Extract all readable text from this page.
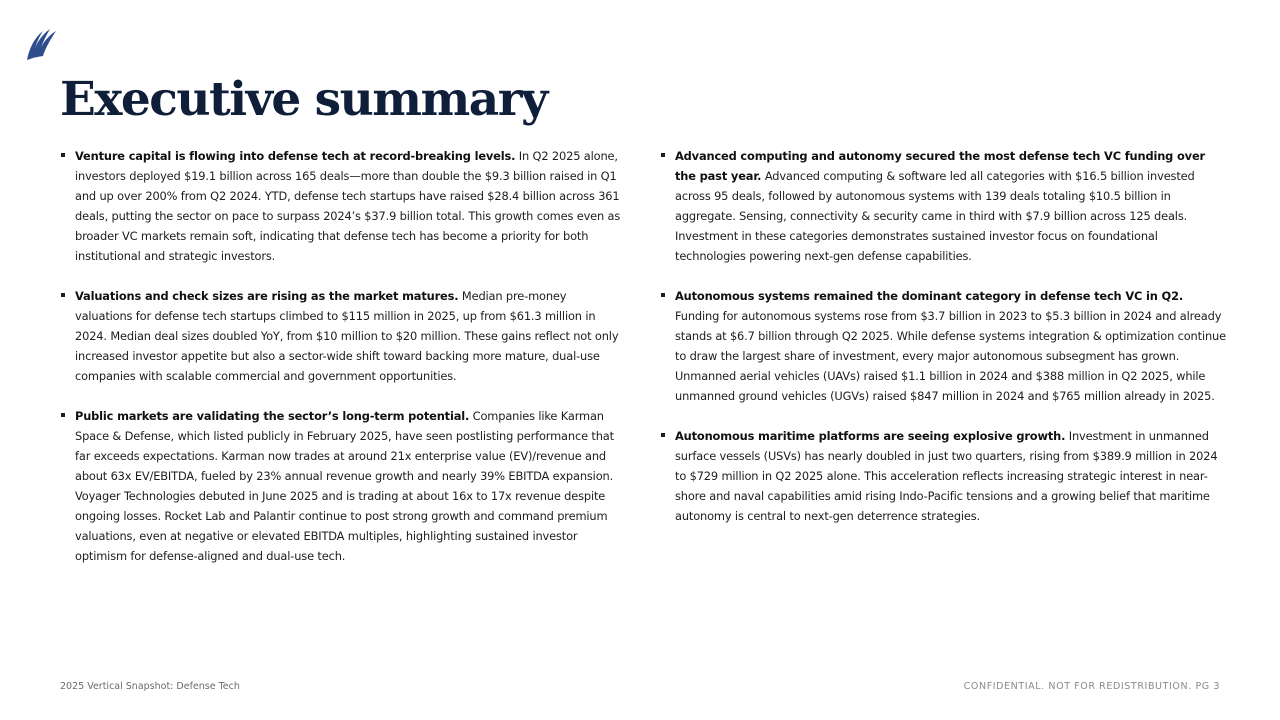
Executive summary
Venture capital is flowing into defense tech at record-breaking levels. In Q2 2025 alone, investors deployed $19.1 billion across 165 deals—more than double the $9.3 billion raised in Q1 and up over 200% from Q2 2024. YTD, defense tech startups have raised $28.4 billion across 361 deals, putting the sector on pace to surpass 2024’s $37.9 billion total. This growth comes even as broader VC markets remain soft, indicating that defense tech has become a priority for both institutional and strategic investors.
Valuations and check sizes are rising as the market matures. Median pre-money valuations for defense tech startups climbed to $115 million in 2025, up from $61.3 million in 2024. Median deal sizes doubled YoY, from $10 million to $20 million. These gains reflect not only increased investor appetite but also a sector-wide shift toward backing more mature, dual-use companies with scalable commercial and government opportunities.
Public markets are validating the sector’s long-term potential. Companies like Karman Space & Defense, which listed publicly in February 2025, have seen postlisting performance that far exceeds expectations. Karman now trades at around 21x enterprise value (EV)/revenue and about 63x EV/EBITDA, fueled by 23% annual revenue growth and nearly 39% EBITDA expansion. Voyager Technologies debuted in June 2025 and is trading at about 16x to 17x revenue despite ongoing losses. Rocket Lab and Palantir continue to post strong growth and command premium valuations, even at negative or elevated EBITDA multiples, highlighting sustained investor optimism for defense-aligned and dual-use tech.
Advanced computing and autonomy secured the most defense tech VC funding over the past year. Advanced computing & software led all categories with $16.5 billion invested across 95 deals, followed by autonomous systems with 139 deals totaling $10.5 billion in aggregate. Sensing, connectivity & security came in third with $7.9 billion across 125 deals. Investment in these categories demonstrates sustained investor focus on foundational technologies powering next-gen defense capabilities.
Autonomous systems remained the dominant category in defense tech VC in Q2. Funding for autonomous systems rose from $3.7 billion in 2023 to $5.3 billion in 2024 and already stands at $6.7 billion through Q2 2025. While defense systems integration & optimization continue to draw the largest share of investment, every major autonomous subsegment has grown. Unmanned aerial vehicles (UAVs) raised $1.1 billion in 2024 and $388 million in Q2 2025, while unmanned ground vehicles (UGVs) raised $847 million in 2024 and $765 million already in 2025.
Autonomous maritime platforms are seeing explosive growth. Investment in unmanned surface vessels (USVs) has nearly doubled in just two quarters, rising from $389.9 million in 2024 to $729 million in Q2 2025 alone. This acceleration reflects increasing strategic interest in near-shore and naval capabilities amid rising Indo-Pacific tensions and a growing belief that maritime autonomy is central to next-gen deterrence strategies.
2025 Vertical Snapshot: Defense Tech	CONFIDENTIAL. NOT FOR REDISTRIBUTION. PG 3
